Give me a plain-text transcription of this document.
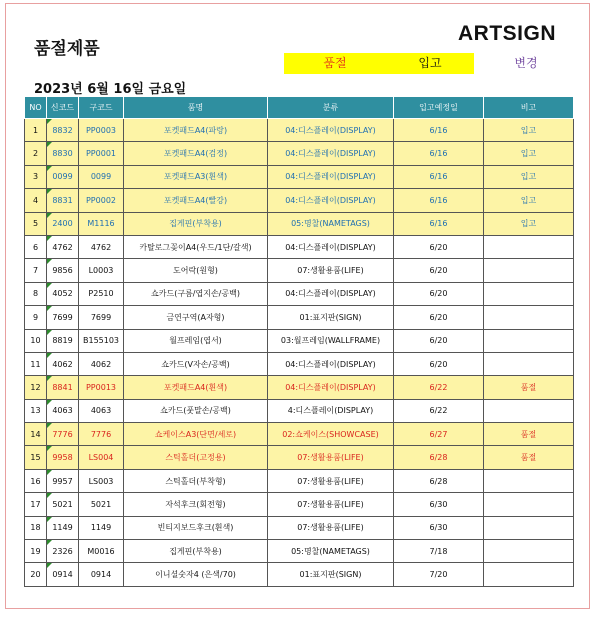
품절제품
ARTSIGN
품절	입고	변경
2023년 6월 16일 금요일
NO	신코드	구코드	품명	분류	입고예정일	비고
1	8832	PP0003	포켓패드A4(파랑)	04:디스플레이(DISPLAY)	6/16	입고
2	8830	PP0001	포켓패드A4(검정)	04:디스플레이(DISPLAY)	6/16	입고
3	0099	0099	포켓패드A3(흰색)	04:디스플레이(DISPLAY)	6/16	입고
4	8831	PP0002	포켓패드A4(빨강)	04:디스플레이(DISPLAY)	6/16	입고
5	2400	M1116	집게핀(부착용)	05:명찰(NAMETAGS)	6/16	입고
6	4762	4762	카탈로그꽂이A4(우드/1단/갈색)	04:디스플레이(DISPLAY)	6/20	
7	9856	L0003	도어락(원형)	07:생활용품(LIFE)	6/20	
8	4052	P2510	쇼카드(구름/엽지손/공백)	04:디스플레이(DISPLAY)	6/20	
9	7699	7699	금연구역(A자형)	01:표지판(SIGN)	6/20	
10	8819	B155103	월프레임(엽서)	03:월프레임(WALLFRAME)	6/20	
11	4062	4062	쇼카드(V자손/공백)	04:디스플레이(DISPLAY)	6/20	
12	8841	PP0013	포켓패드A4(흰색)	04:디스플레이(DISPLAY)	6/22	품절
13	4063	4063	쇼카드(풋말손/공백)	4:디스플레이(DISPLAY)	6/22	
14	7776	7776	쇼케이스A3(단면/세로)	02:쇼케이스(SHOWCASE)	6/27	품절
15	9958	LS004	스틱홀더(고정용)	07:생활용품(LIFE)	6/28	품절
16	9957	LS003	스틱홀더(부착형)	07:생활용품(LIFE)	6/28	
17	5021	5021	자석후크(회전형)	07:생활용품(LIFE)	6/30	
18	1149	1149	빈티지보드후크(흰색)	07:생활용품(LIFE)	6/30	
19	2326	M0016	집게핀(부착용)	05:명찰(NAMETAGS)	7/18	
20	0914	0914	이니셜숫자4 (은색/70)	01:표지판(SIGN)	7/20	
